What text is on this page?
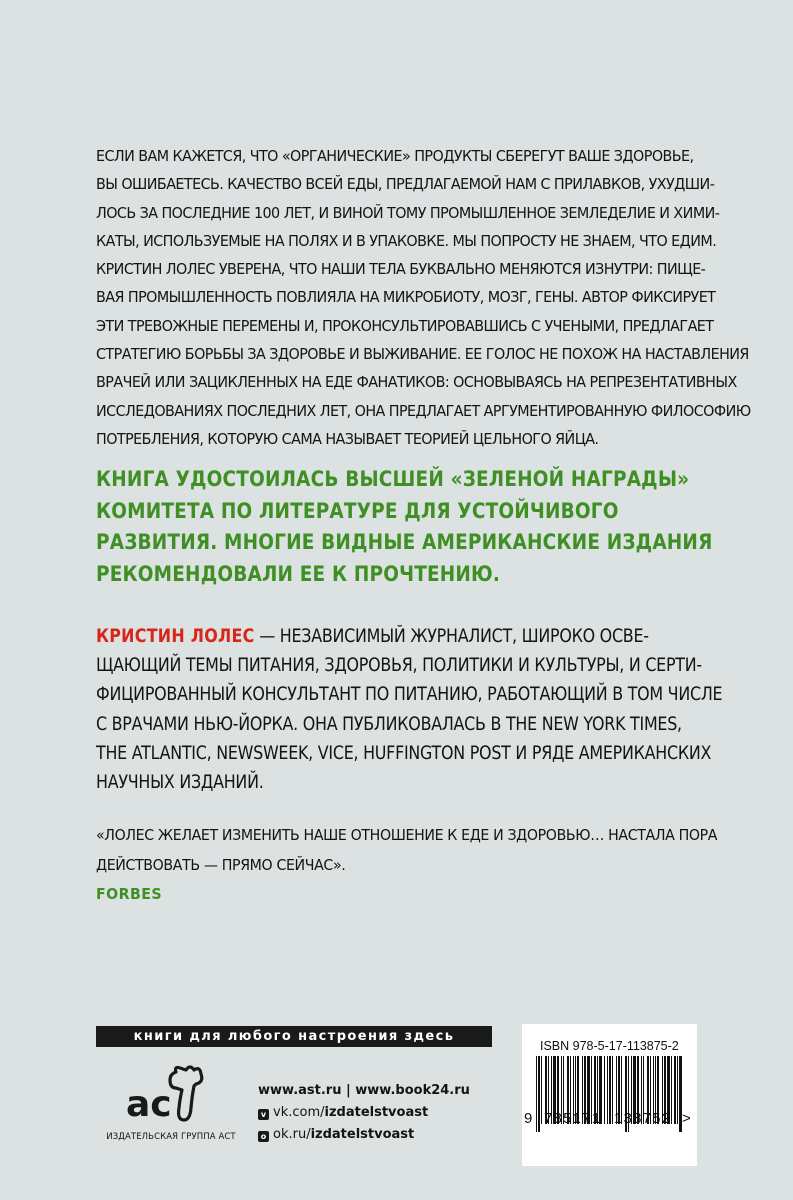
ЕСЛИ ВАМ КАЖЕТСЯ, ЧТО «ОРГАНИЧЕСКИЕ» ПРОДУКТЫ СБЕРЕГУТ ВАШЕ ЗДОРОВЬЕ,
ВЫ ОШИБАЕТЕСЬ. КАЧЕСТВО ВСЕЙ ЕДЫ, ПРЕДЛАГАЕМОЙ НАМ С ПРИЛАВКОВ, УХУДШИ-
ЛОСЬ ЗА ПОСЛЕДНИЕ 100 ЛЕТ, И ВИНОЙ ТОМУ ПРОМЫШЛЕННОЕ ЗЕМЛЕДЕЛИЕ И ХИМИ-
КАТЫ, ИСПОЛЬЗУЕМЫЕ НА ПОЛЯХ И В УПАКОВКЕ. МЫ ПОПРОСТУ НЕ ЗНАЕМ, ЧТО ЕДИМ.
КРИСТИН ЛОЛЕС УВЕРЕНА, ЧТО НАШИ ТЕЛА БУКВАЛЬНО МЕНЯЮТСЯ ИЗНУТРИ: ПИЩЕ-
ВАЯ ПРОМЫШЛЕННОСТЬ ПОВЛИЯЛА НА МИКРОБИОТУ, МОЗГ, ГЕНЫ. АВТОР ФИКСИРУЕТ
ЭТИ ТРЕВОЖНЫЕ ПЕРЕМЕНЫ И, ПРОКОНСУЛЬТИРОВАВШИСЬ С УЧЕНЫМИ, ПРЕДЛАГАЕТ
СТРАТЕГИЮ БОРЬБЫ ЗА ЗДОРОВЬЕ И ВЫЖИВАНИЕ. ЕЕ ГОЛОС НЕ ПОХОЖ НА НАСТАВЛЕНИЯ
ВРАЧЕЙ ИЛИ ЗАЦИКЛЕННЫХ НА ЕДЕ ФАНАТИКОВ: ОСНОВЫВАЯСЬ НА РЕПРЕЗЕНТАТИВНЫХ
ИССЛЕДОВАНИЯХ ПОСЛЕДНИХ ЛЕТ, ОНА ПРЕДЛАГАЕТ АРГУМЕНТИРОВАННУЮ ФИЛОСОФИЮ
ПОТРЕБЛЕНИЯ, КОТОРУЮ САМА НАЗЫВАЕТ ТЕОРИЕЙ ЦЕЛЬНОГО ЯЙЦА.
КНИГА УДОСТОИЛАСЬ ВЫСШЕЙ «ЗЕЛЕНОЙ НАГРАДЫ»
КОМИТЕТА ПО ЛИТЕРАТУРЕ ДЛЯ УСТОЙЧИВОГО
РАЗВИТИЯ. МНОГИЕ ВИДНЫЕ АМЕРИКАНСКИЕ ИЗДАНИЯ
РЕКОМЕНДОВАЛИ ЕЕ К ПРОЧТЕНИЮ.
КРИСТИН ЛОЛЕС — НЕЗАВИСИМЫЙ ЖУРНАЛИСТ, ШИРОКО ОСВЕ-
ЩАЮЩИЙ ТЕМЫ ПИТАНИЯ, ЗДОРОВЬЯ, ПОЛИТИКИ И КУЛЬТУРЫ, И СЕРТИ-
ФИЦИРОВАННЫЙ КОНСУЛЬТАНТ ПО ПИТАНИЮ, РАБОТАЮЩИЙ В ТОМ ЧИСЛЕ
С ВРАЧАМИ НЬЮ-ЙОРКА. ОНА ПУБЛИКОВАЛАСЬ В THE NEW YORK TIMES,
THE ATLANTIC, NEWSWEEK, VICE, HUFFINGTON POST И РЯДЕ АМЕРИКАНСКИХ
НАУЧНЫХ ИЗДАНИЙ.
«ЛОЛЕС ЖЕЛАЕТ ИЗМЕНИТЬ НАШЕ ОТНОШЕНИЕ К ЕДЕ И ЗДОРОВЬЮ… НАСТАЛА ПОРА
ДЕЙСТВОВАТЬ — ПРЯМО СЕЙЧАС».
FORBES
книги для любого настроения здесь
ac
ИЗДАТЕЛЬСКАЯ ГРУППА АСТ
www.ast.ru | www.book24.ru
v vk.com/izdatelstvoast
o ok.ru/izdatelstvoast
ISBN 978-5-17-113875-2
9 785171 138752 >
